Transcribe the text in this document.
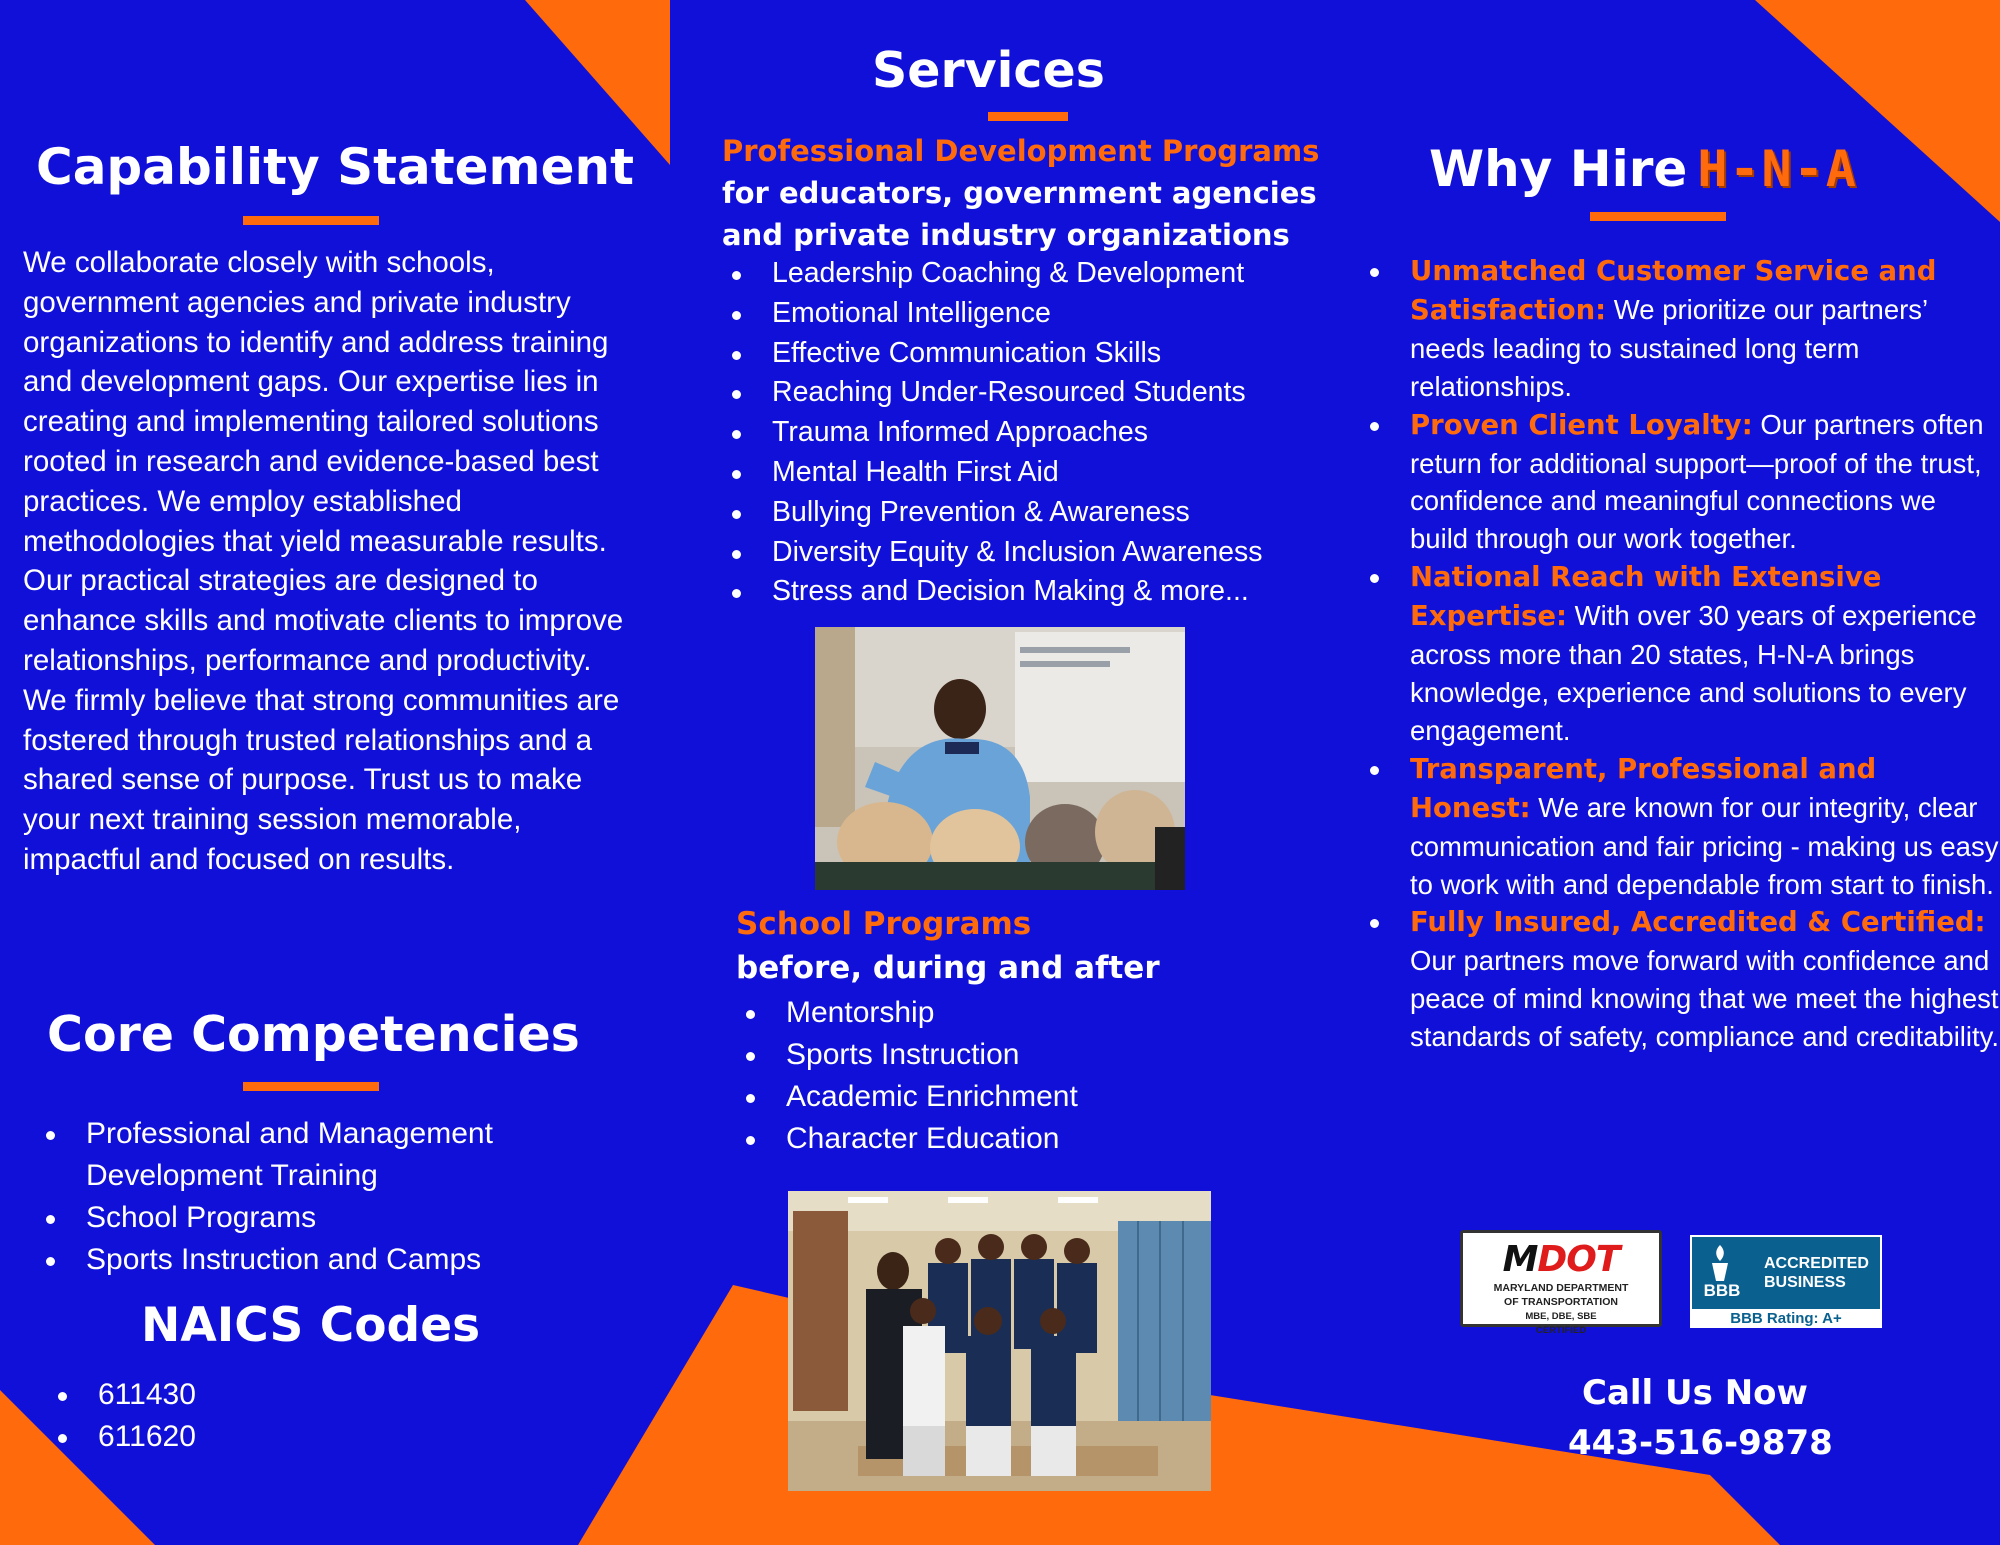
Capability Statement

We collaborate closely with schools, government agencies and private industry organizations to identify and address training and development gaps. Our expertise lies in creating and implementing tailored solutions rooted in research and evidence-based best practices. We employ established methodologies that yield measurable results. Our practical strategies are designed to enhance skills and motivate clients to improve relationships, performance and productivity. We firmly believe that strong communities are fostered through trusted relationships and a shared sense of purpose. Trust us to make your next training session memorable, impactful and focused on results.

Core Competencies
Professional and Management Development Training
School Programs
Sports Instruction and Camps
NAICS Codes
611430
611620
Services
Professional Development Programs
for educators, government agencies and private industry organizations
Leadership Coaching & Development
Emotional Intelligence
Effective Communication Skills
Reaching Under-Resourced Students
Trauma Informed Approaches
Mental Health First Aid
Bullying Prevention & Awareness
Diversity Equity & Inclusion Awareness
Stress and Decision Making & more...
School Programs
before, during and after
Mentorship
Sports Instruction
Academic Enrichment
Character Education
Why Hire H-N-A
Unmatched Customer Service and Satisfaction: We prioritize our partners’ needs leading to sustained long term relationships.
Proven Client Loyalty: Our partners often return for additional support—proof of the trust, confidence and meaningful connections we build through our work together.
National Reach with Extensive Expertise: With over 30 years of experience across more than 20 states, H-N-A brings knowledge, experience and solutions to every engagement.
Transparent, Professional and Honest: We are known for our integrity, clear communication and fair pricing - making us easy to work with and dependable from start to finish.
Fully Insured, Accredited & Certified: Our partners move forward with confidence and peace of mind knowing that we meet the highest standards of safety, compliance and creditability.
MDOT
MARYLAND DEPARTMENT
OF TRANSPORTATION
MBE, DBE, SBE
CERTIFIED
BBB
ACCREDITED
BUSINESS
BBB Rating: A+
Call Us Now
443-516-9878
